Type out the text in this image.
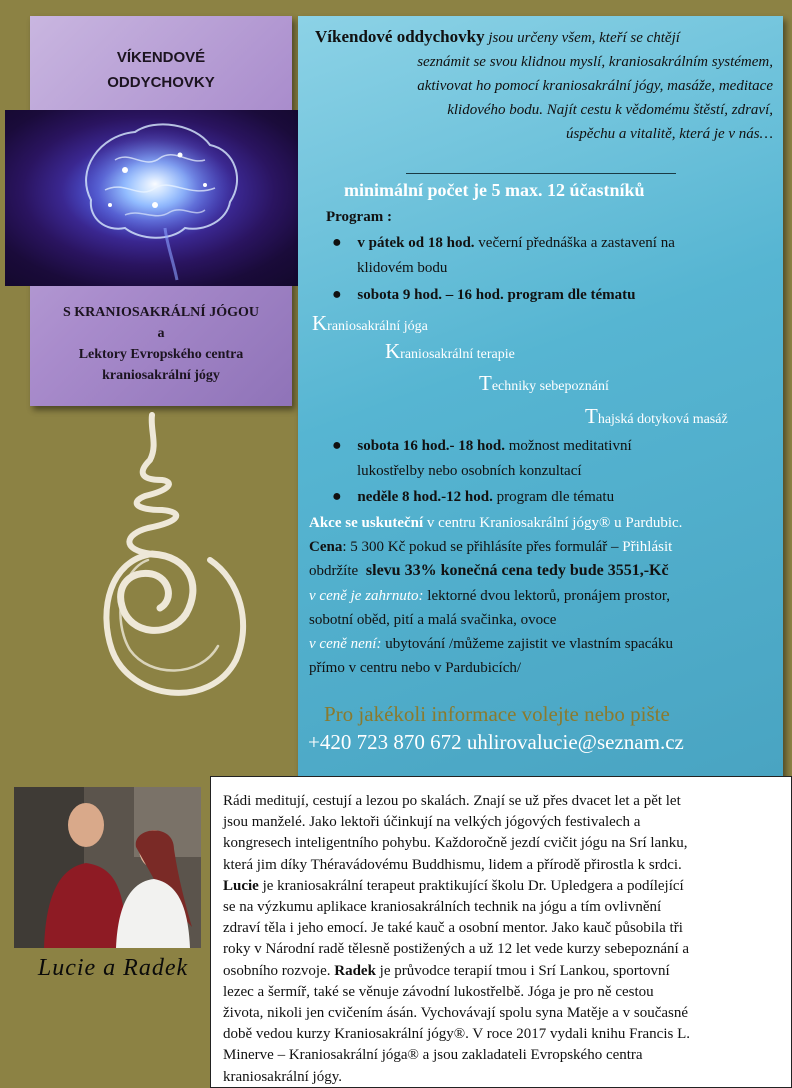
VÍKENDOVÉ
ODDYCHOVKY
S KRANIOSAKRÁLNÍ JÓGOU
a
Lektory Evropského centra
kraniosakrální jógy
Víkendové oddychovky jsou určeny všem, kteří se chtějí
seznámit se svou klidnou myslí, kraniosakrálním systémem,
aktivovat ho pomocí kraniosakrální jógy, masáže, meditace
klidového bodu. Najít cestu k vědomému štěstí, zdraví,
úspěchu a vitalitě, která je v nás…
minimální počet je 5 max. 12 účastníků
Program :
● v pátek od 18 hod. večerní přednáška a zastavení na
klidovém bodu
● sobota 9 hod. – 16 hod. program dle tématu
Kraniosakrální jóga
Kraniosakrální terapie
Techniky sebepoznání
Thajská dotyková masáž
● sobota 16 hod.- 18 hod. možnost meditativní
lukostřelby nebo osobních konzultací
● neděle 8 hod.-12 hod. program dle tématu
Akce se uskuteční v centru Kraniosakrální jógy® u Pardubic.
Cena: 5 300 Kč pokud se přihlásíte přes formulář – Přihlásit
obdržíte slevu 33% konečná cena tedy bude 3551,-Kč
v ceně je zahrnuto: lektorné dvou lektorů, pronájem prostor,
sobotní oběd, pití a malá svačinka, ovoce
v ceně není: ubytování /můžeme zajistit ve vlastním spacáku
přímo v centru nebo v Pardubicích/
Pro jakékoli informace volejte nebo pište
+420 723 870 672 uhlirovalucie@seznam.cz
Lucie a Radek
Rádi meditují, cestují a lezou po skalách. Znají se už přes dvacet let a pět let
jsou manželé. Jako lektoři účinkují na velkých jógových festivalech a
kongresech inteligentního pohybu. Každoročně jezdí cvičit jógu na Srí lanku,
která jim díky Théravádovému Buddhismu, lidem a přírodě přirostla k srdci.
Lucie je kraniosakrální terapeut praktikující školu Dr. Upledgera a podílející
se na výzkumu aplikace kraniosakrálních technik na jógu a tím ovlivnění
zdraví těla i jeho emocí. Je také kauč a osobní mentor. Jako kauč působila tři
roky v Národní radě tělesně postižených a už 12 let vede kurzy sebepoznání a
osobního rozvoje. Radek je průvodce terapií tmou i Srí Lankou, sportovní
lezec a šermíř, také se věnuje závodní lukostřelbě. Jóga je pro ně cestou
života, nikoli jen cvičením ásán. Vychovávají spolu syna Matěje a v současné
době vedou kurzy Kraniosakrální jógy®. V roce 2017 vydali knihu Francis L.
Minerve – Kraniosakrální jóga® a jsou zakladateli Evropského centra
kraniosakrální jógy.
